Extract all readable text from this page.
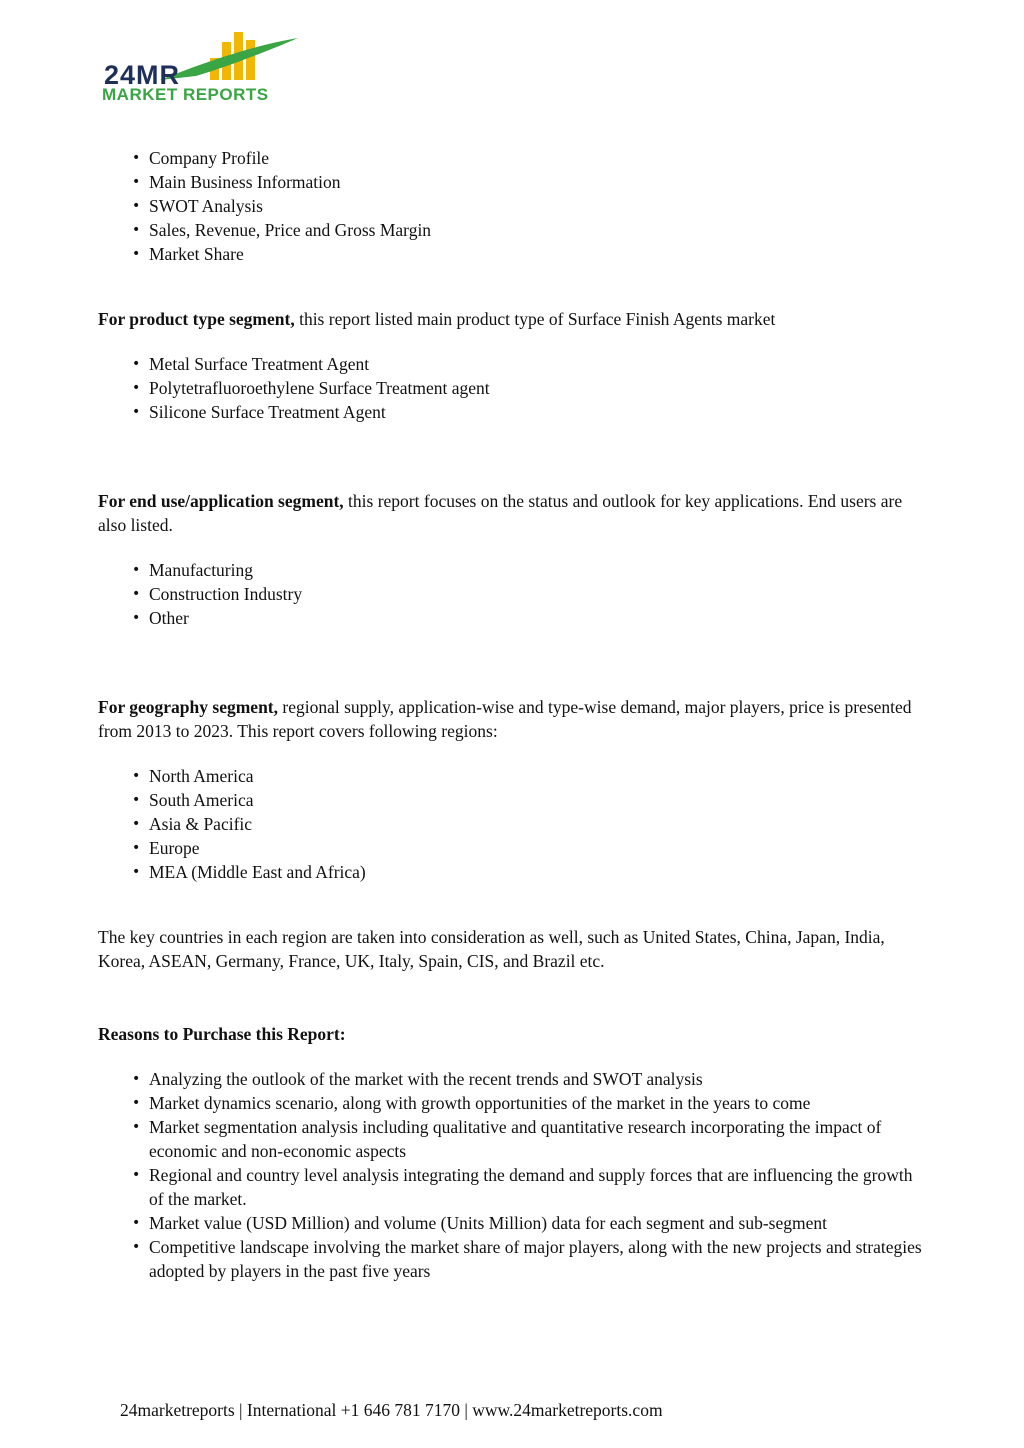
24MR
MARKET REPORTS
• Company Profile
• Main Business Information
• SWOT Analysis
• Sales, Revenue, Price and Gross Margin
• Market Share

For product type segment, this report listed main product type of Surface Finish Agents market

• Metal Surface Treatment Agent
• Polytetrafluoroethylene Surface Treatment agent
• Silicone Surface Treatment Agent

For end use/application segment, this report focuses on the status and outlook for key applications. End users are also listed.

• Manufacturing
• Construction Industry
• Other

For geography segment, regional supply, application-wise and type-wise demand, major players, price is presented from 2013 to 2023. This report covers following regions:

• North America
• South America
• Asia & Pacific
• Europe
• MEA (Middle East and Africa)

The key countries in each region are taken into consideration as well, such as United States, China, Japan, India, Korea, ASEAN, Germany, France, UK, Italy, Spain, CIS, and Brazil etc.

Reasons to Purchase this Report:

• Analyzing the outlook of the market with the recent trends and SWOT analysis
• Market dynamics scenario, along with growth opportunities of the market in the years to come
• Market segmentation analysis including qualitative and quantitative research incorporating the impact of economic and non-economic aspects
• Regional and country level analysis integrating the demand and supply forces that are influencing the growth of the market.
• Market value (USD Million) and volume (Units Million) data for each segment and sub-segment
• Competitive landscape involving the market share of major players, along with the new projects and strategies adopted by players in the past five years
24marketreports | International +1 646 781 7170 | www.24marketreports.com
